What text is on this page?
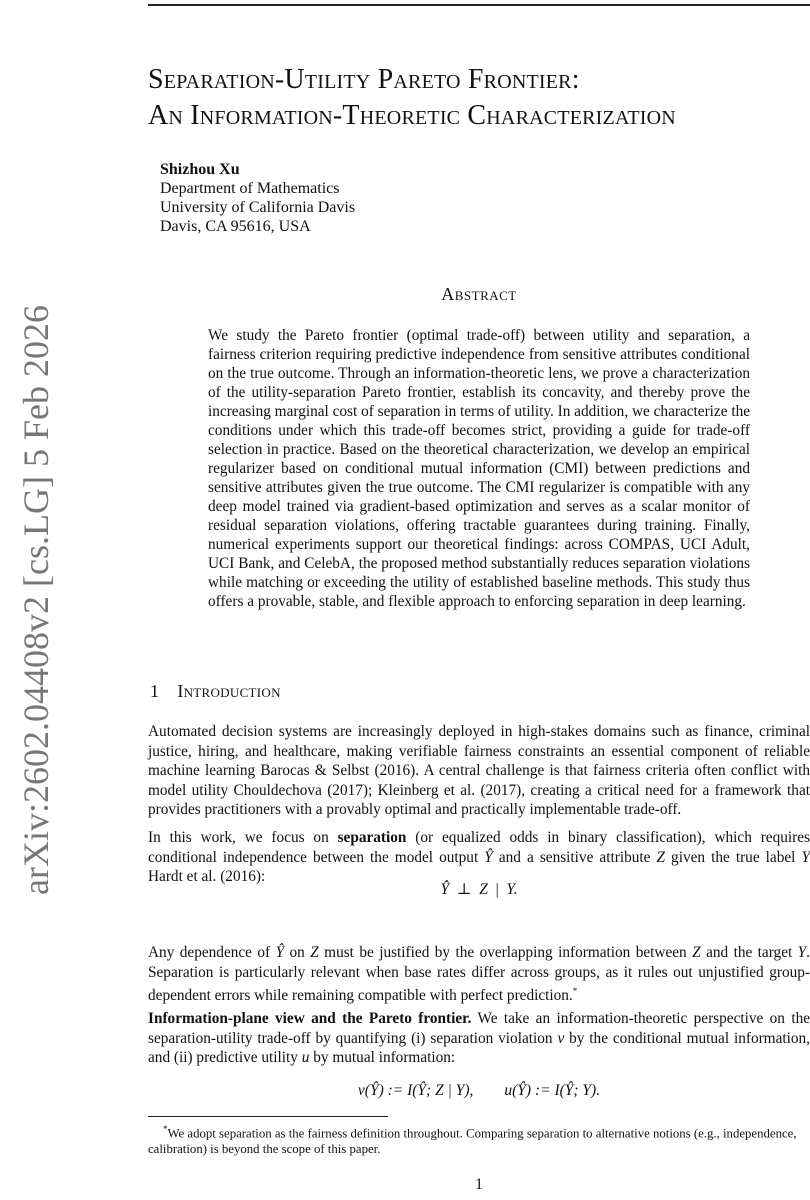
arXiv:2602.04408v2 [cs.LG] 5 Feb 2026
Separation-Utility Pareto Frontier:
An Information-Theoretic Characterization
Shizhou Xu
Department of Mathematics
University of California Davis
Davis, CA 95616, USA
Abstract
We study the Pareto frontier (optimal trade-off) between utility and separation, a fairness criterion requiring predictive independence from sensitive attributes conditional on the true outcome. Through an information-theoretic lens, we prove a characterization of the utility-separation Pareto frontier, establish its concavity, and thereby prove the increasing marginal cost of separation in terms of utility. In addition, we characterize the conditions under which this trade-off becomes strict, providing a guide for trade-off selection in practice. Based on the theoretical characterization, we develop an empirical regularizer based on conditional mutual information (CMI) between predictions and sensitive attributes given the true outcome. The CMI regularizer is compatible with any deep model trained via gradient-based optimization and serves as a scalar monitor of residual separation violations, offering tractable guarantees during training. Finally, numerical experiments support our theoretical findings: across COMPAS, UCI Adult, UCI Bank, and CelebA, the proposed method substantially reduces separation violations while matching or exceeding the utility of established baseline methods. This study thus offers a provable, stable, and flexible approach to enforcing separation in deep learning.
1 Introduction
Automated decision systems are increasingly deployed in high-stakes domains such as finance, criminal justice, hiring, and healthcare, making verifiable fairness constraints an essential component of reliable machine learning Barocas & Selbst (2016). A central challenge is that fairness criteria often conflict with model utility Chouldechova (2017); Kleinberg et al. (2017), creating a critical need for a framework that provides practitioners with a provably optimal and practically implementable trade-off.
In this work, we focus on separation (or equalized odds in binary classification), which requires conditional independence between the model output Ŷ and a sensitive attribute Z given the true label Y Hardt et al. (2016):
Ŷ ⊥ Z | Y.
Any dependence of Ŷ on Z must be justified by the overlapping information between Z and the target Y. Separation is particularly relevant when base rates differ across groups, as it rules out unjustified group-dependent errors while remaining compatible with perfect prediction.*
Information-plane view and the Pareto frontier. We take an information-theoretic perspective on the separation-utility trade-off by quantifying (i) separation violation v by the conditional mutual information, and (ii) predictive utility u by mutual information:
v(Ŷ) := I(Ŷ; Z | Y), u(Ŷ) := I(Ŷ; Y).
*We adopt separation as the fairness definition throughout. Comparing separation to alternative notions (e.g., independence, calibration) is beyond the scope of this paper.
1
